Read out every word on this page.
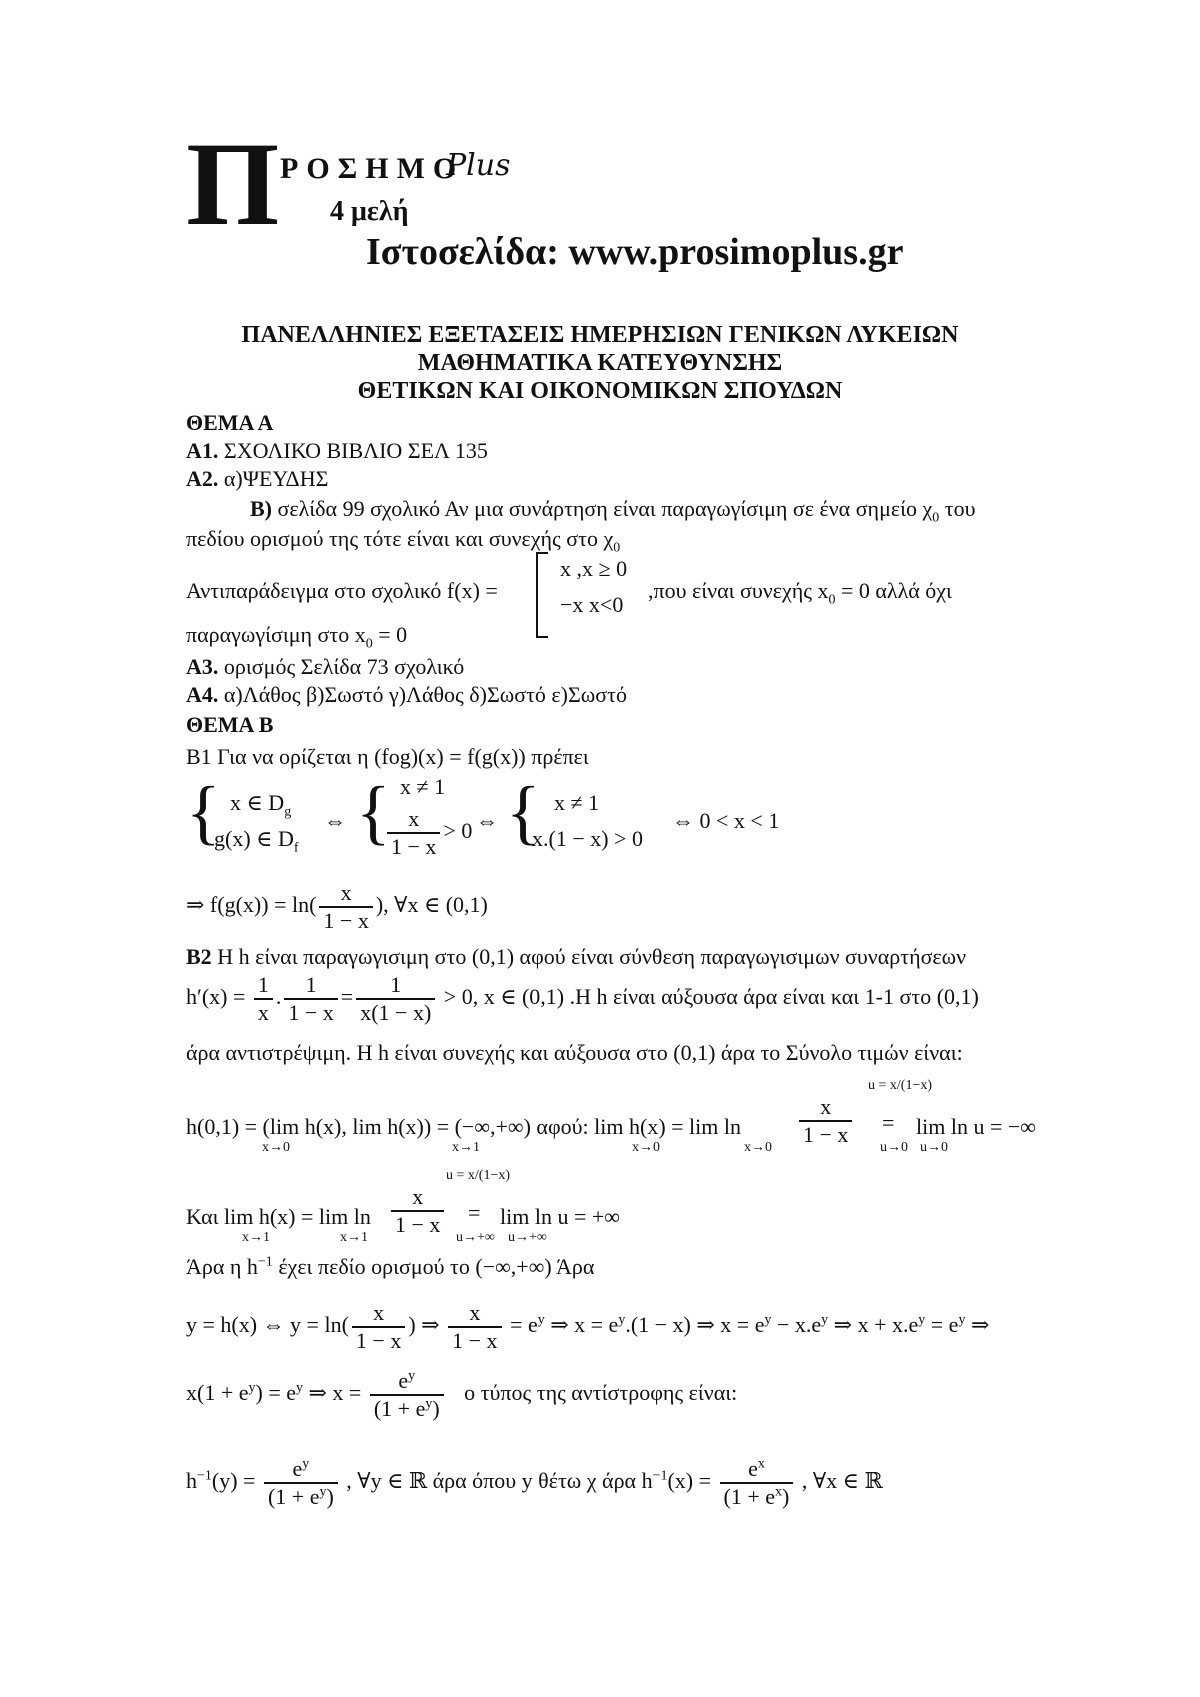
Π ΡΟΣΗΜΟ
Plus
4 μελή
Ιστοσελίδα: www.prosimoplus.gr
ΠΑΝΕΛΛΗΝΙΕΣ ΕΞΕΤΑΣΕΙΣ ΗΜΕΡΗΣΙΩΝ ΓΕΝΙΚΩΝ ΛΥΚΕΙΩΝ
ΜΑΘΗΜΑΤΙΚΑ ΚΑΤΕΥΘΥΝΣΗΣ
ΘΕΤΙΚΩΝ ΚΑΙ ΟΙΚΟΝΟΜΙΚΩΝ ΣΠΟΥΔΩΝ
ΘΕΜΑ Α
Α1. ΣΧΟΛΙΚΟ ΒΙΒΛΙΟ ΣΕΛ 135
Α2. α)ΨΕΥΔΗΣ
Β) σελίδα 99 σχολικό Αν μια συνάρτηση είναι παραγωγίσιμη σε ένα σημείο $\chi_0$ του
πεδίου ορισμού της τότε είναι και συνεχής στο $\chi_0$
Αντιπαράδειγμα στο σχολικό f(x) =
x ,x ≥ 0
−x x<0
,που είναι συνεχής $x_0 = 0$ αλλά όχι
παραγωγίσιμη στο $x_0 = 0$
Α3. ορισμός Σελίδα 73 σχολικό
Α4. α)Λάθος β)Σωστό γ)Λάθος δ)Σωστό ε)Σωστό
ΘΕΜΑ Β
Β1 Για να ορίζεται η (fog)(x) = f(g(x)) πρέπει
{ x ∈ $D_g$
g(x) ∈ $D_f$
⇔ { x ≠ 1
$\frac{x}{1 - x} > 0$ ⇔ { x ≠ 1
x.(1 − x) > 0
⇔ 0 < x < 1
⇒ $f(g(x)) = \ln( \frac{x}{1 - x}$ ), ∀x ∈ (0,1)
Β2 Η h είναι παραγωγισιμη στο (0,1) αφού είναι σύνθεση παραγωγισιμων συναρτήσεων
$h'(x) = \frac{1}{x}$ . $\frac{1}{1 - x} = \frac{1}{x(1 - x)} > 0$, x ∈ (0,1) .Η h είναι αύξουσα άρα είναι και 1-1 στο (0,1)
άρα αντιστρέψιμη. Η h είναι συνεχής και αύξουσα στο (0,1) άρα το Σύνολο τιμών είναι:
h(0,1) = (lim h(x), lim h(x)) = (−∞,+∞) αφού: lim h(x) = lim ln
x→0	x→1	x→0	$x\to 0 \frac{x}{1 - x}$
u = x/(1−x)
= lim ln u = −∞
u→0 u→0
Και lim h(x) = lim ln
x→1	$x\to 1 \frac{x}{1 - x}$
u = x/(1−x)
= lim ln u = +∞
u→+∞ u→+∞
Άρα η $h^{-1}$ έχει πεδίο ορισμού το (−∞,+∞) Άρα
y = h(x) ⇔ $y = \ln( \frac{x}{1 - x}$ ) ⇒ $\frac{x}{1 - x} = e^y$ ⇒ $x = e^y.(1 - x)$ ⇒ $x = e^y - x.e^y$ ⇒ $x + x.e^y = e^y$ ⇒
$x(1 + e^y) = e^y$ ⇒ $x = \frac{e^y}{(1 + e^y)}$ ο τύπος της αντίστροφης είναι:
$h^{-1}(y) = \frac{e^y}{(1 + e^y)}$ , ∀y ∈ ℝ άρα όπου y θέτω χ άρα $h^{-1}(x) = \frac{e^x}{(1 + e^x)}$ , ∀x ∈ ℝ
